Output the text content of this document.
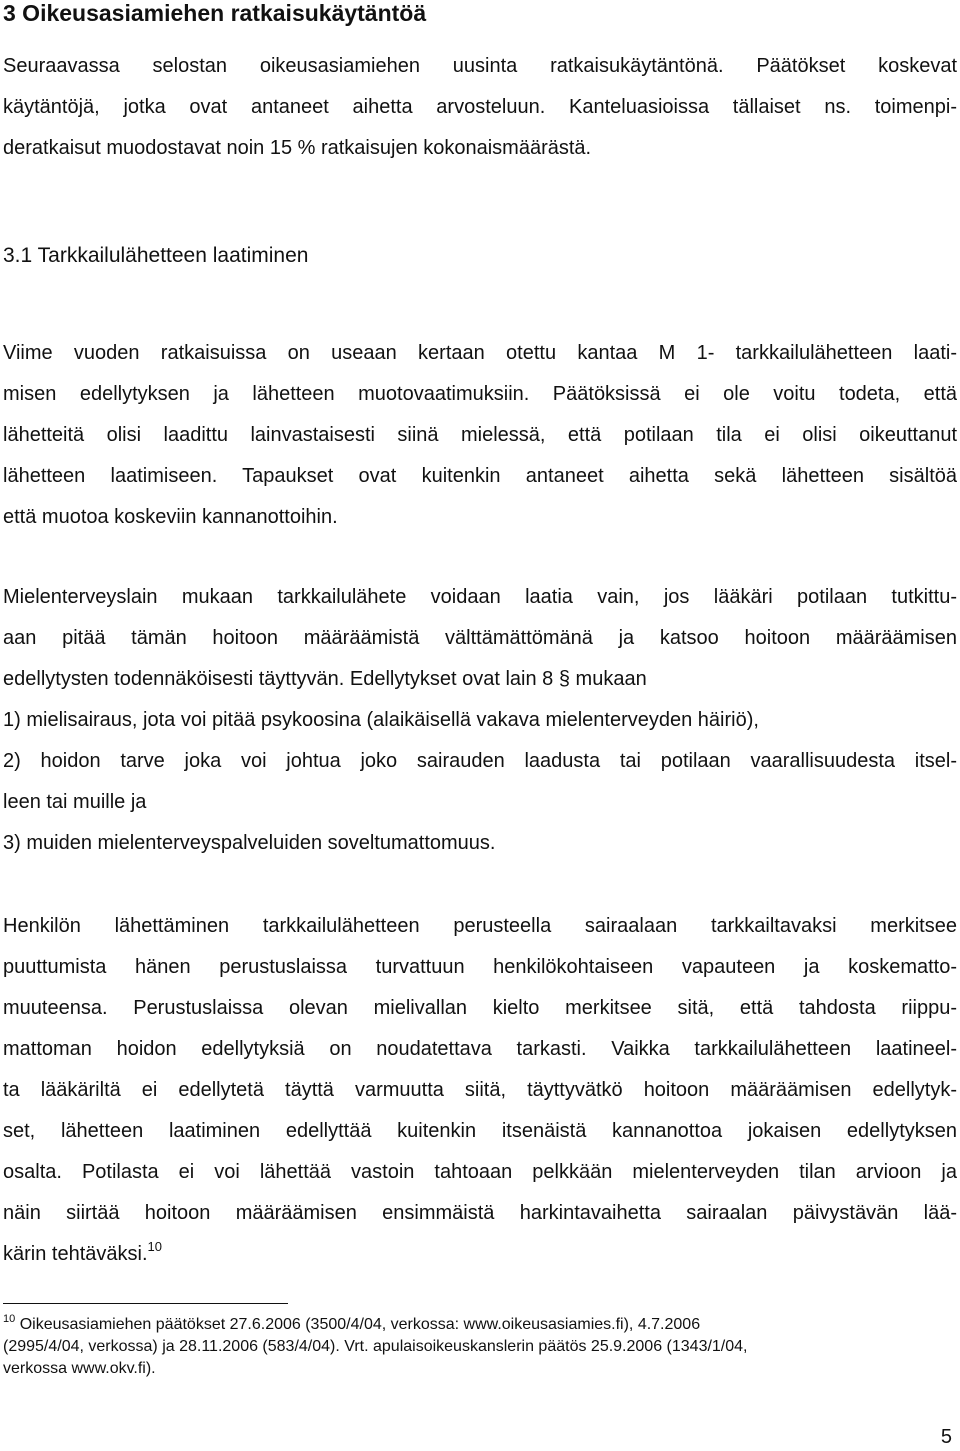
3 Oikeusasiamiehen ratkaisukäytäntöä
Seuraavassa selostan oikeusasiamiehen uusinta ratkaisukäytäntönä. Päätökset koskevat
käytäntöjä, jotka ovat antaneet aihetta arvosteluun. Kanteluasioissa tällaiset ns. toimenpi-
deratkaisut muodostavat noin 15 % ratkaisujen kokonaismäärästä.
3.1 Tarkkailulähetteen laatiminen
Viime vuoden ratkaisuissa on useaan kertaan otettu kantaa M 1- tarkkailulähetteen laati-
misen edellytyksen ja lähetteen muotovaatimuksiin. Päätöksissä ei ole voitu todeta, että
lähetteitä olisi laadittu lainvastaisesti siinä mielessä, että potilaan tila ei olisi oikeuttanut
lähetteen laatimiseen. Tapaukset ovat kuitenkin antaneet aihetta sekä lähetteen sisältöä
että muotoa koskeviin kannanottoihin.
Mielenterveyslain mukaan tarkkailulähete voidaan laatia vain, jos lääkäri potilaan tutkittu-
aan pitää tämän hoitoon määräämistä välttämättömänä ja katsoo hoitoon määräämisen
edellytysten todennäköisesti täyttyvän. Edellytykset ovat lain 8 § mukaan
1) mielisairaus, jota voi pitää psykoosina (alaikäisellä vakava mielenterveyden häiriö),
2) hoidon tarve joka voi johtua joko sairauden laadusta tai potilaan vaarallisuudesta itsel-
leen tai muille ja
3) muiden mielenterveyspalveluiden soveltumattomuus.
Henkilön lähettäminen tarkkailulähetteen perusteella sairaalaan tarkkailtavaksi merkitsee
puuttumista hänen perustuslaissa turvattuun henkilökohtaiseen vapauteen ja koskematto-
muuteensa. Perustuslaissa olevan mielivallan kielto merkitsee sitä, että tahdosta riippu-
mattoman hoidon edellytyksiä on noudatettava tarkasti. Vaikka tarkkailulähetteen laatineel-
ta lääkäriltä ei edellytetä täyttä varmuutta siitä, täyttyvätkö hoitoon määräämisen edellytyk-
set, lähetteen laatiminen edellyttää kuitenkin itsenäistä kannanottoa jokaisen edellytyksen
osalta. Potilasta ei voi lähettää vastoin tahtoaan pelkkään mielenterveyden tilan arvioon ja
näin siirtää hoitoon määräämisen ensimmäistä harkintavaihetta sairaalan päivystävän lää-
kärin tehtäväksi.$^{10}$
$^{10}$ Oikeusasiamiehen päätökset 27.6.2006 (3500/4/04, verkossa: www.oikeusasiamies.fi), 4.7.2006
(2995/4/04, verkossa) ja 28.11.2006 (583/4/04). Vrt. apulaisoikeuskanslerin päätös 25.9.2006 (1343/1/04,
verkossa www.okv.fi).
5
